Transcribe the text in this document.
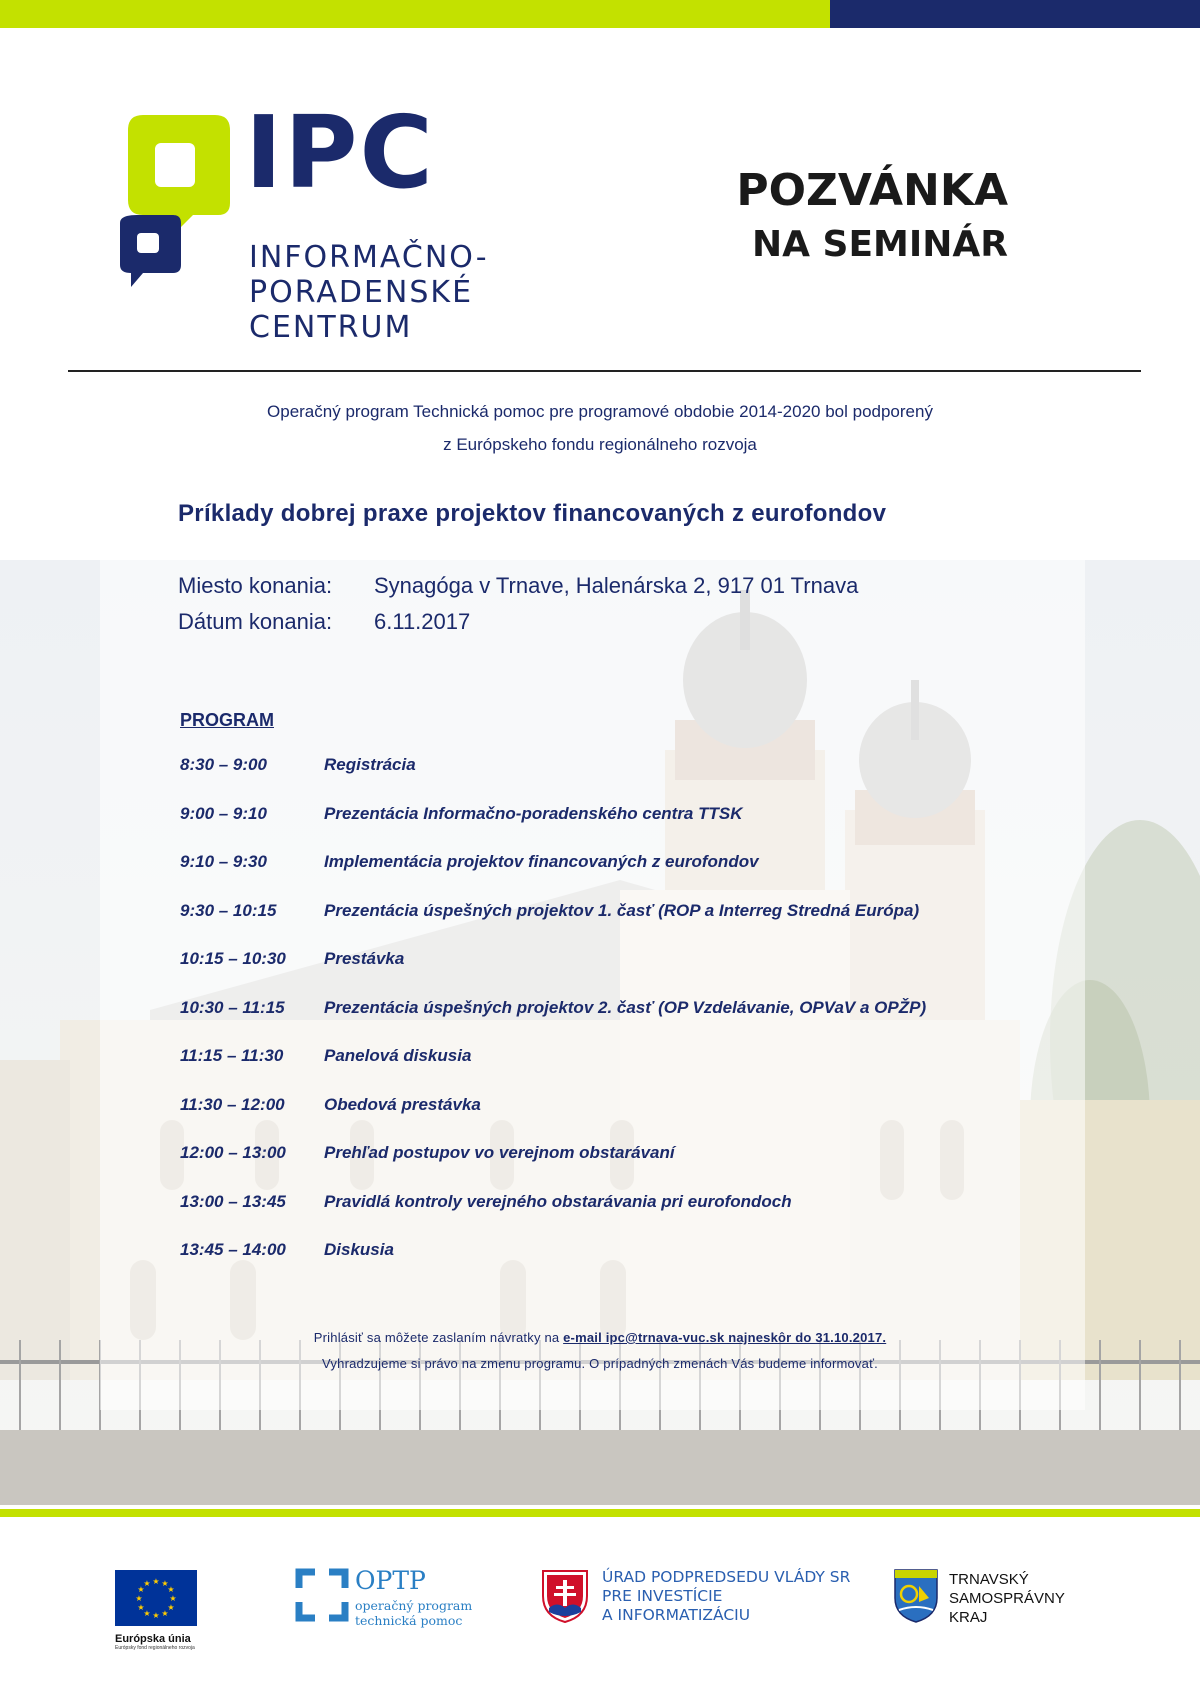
IPC
INFORMAČNO-
PORADENSKÉ
CENTRUM
POZVÁNKA
NA SEMINÁR
Operačný program Technická pomoc pre programové obdobie 2014-2020 bol podporený
z Európskeho fondu regionálneho rozvoja
Príklady dobrej praxe projektov financovaných z eurofondov
Miesto konania: Synagóga v Trnave, Halenárska 2, 917 01 Trnava
Dátum konania: 6.11.2017
PROGRAM
8:30 – 9:00	Registrácia
9:00 – 9:10	Prezentácia Informačno-poradenského centra TTSK
9:10 – 9:30	Implementácia projektov financovaných z eurofondov
9:30 – 10:15	Prezentácia úspešných projektov 1. časť (ROP a Interreg Stredná Európa)
10:15 – 10:30 Prestávka
10:30 – 11:15 Prezentácia úspešných projektov 2. časť (OP Vzdelávanie, OPVaV a OPŽP)
11:15 – 11:30 Panelová diskusia
11:30 – 12:00 Obedová prestávka
12:00 – 13:00 Prehľad postupov vo verejnom obstarávaní
13:00 – 13:45 Pravidlá kontroly verejného obstarávania pri eurofondoch
13:45 – 14:00 Diskusia
Prihlásiť sa môžete zaslaním návratky na e-mail ipc@trnava-vuc.sk najneskôr do 31.10.2017.
Vyhradzujeme si právo na zmenu programu. O prípadných zmenách Vás budeme informovať.
★ ★
★
★
★
★
★
★
★
★
★
★
Európska únia
Európsky fond regionálneho rozvoja
OPTP
operačný program
technická pomoc
ÚRAD PODPREDSEDU VLÁDY SR
PRE INVESTÍCIE
A INFORMATIZÁCIU
TRNAVSKÝ
SAMOSPRÁVNY
KRAJ
